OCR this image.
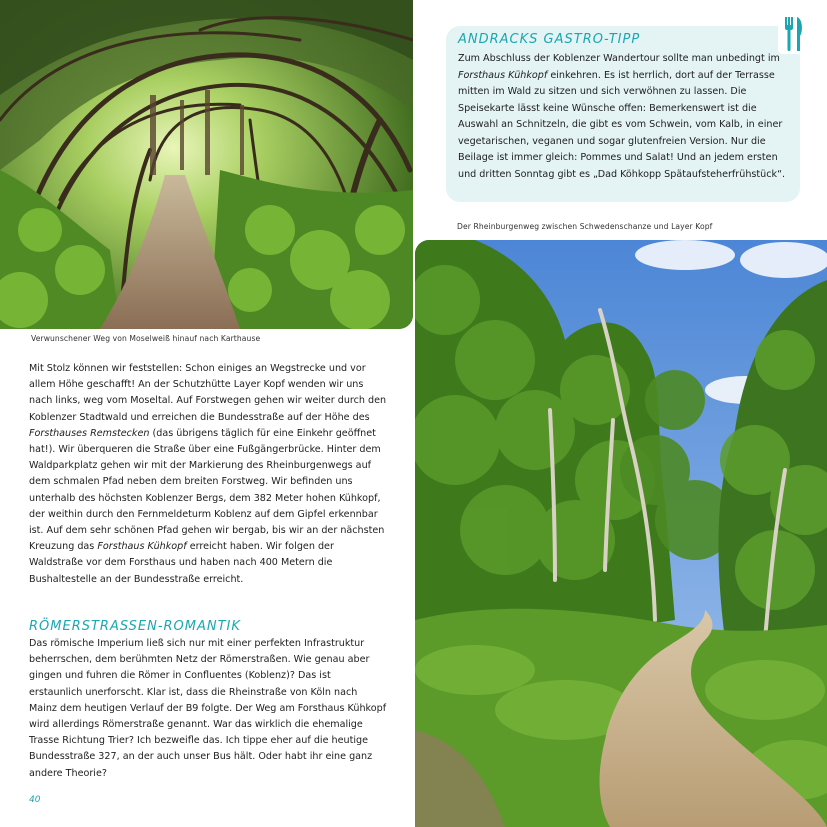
Verwunschener Weg von Moselweiß hinauf nach Karthause
ANDRACKS GASTRO-TIPP
Zum Abschluss der Koblenzer Wandertour sollte man unbedingt im Forsthaus Kühkopf einkehren. Es ist herrlich, dort auf der Terrasse mitten im Wald zu sitzen und sich verwöhnen zu lassen. Die Speisekarte lässt keine Wünsche offen: Bemerkenswert ist die Auswahl an Schnitzeln, die gibt es vom Schwein, vom Kalb, in einer vegetarischen, veganen und sogar glutenfreien Version. Nur die Beilage ist immer gleich: Pommes und Salat! Und an jedem ersten und dritten Sonntag gibt es „Dad Köhkopp Spätaufsteherfrühstück“.
Der Rheinburgenweg zwischen Schwedenschanze und Layer Kopf
Mit Stolz können wir feststellen: Schon einiges an Wegstrecke und vor allem Höhe geschafft! An der Schutzhütte Layer Kopf wenden wir uns nach links, weg vom Moseltal. Auf Forstwegen gehen wir weiter durch den Koblenzer Stadtwald und erreichen die Bundesstraße auf der Höhe des Forsthauses Remstecken (das übrigens täglich für eine Einkehr geöffnet hat!). Wir überqueren die Straße über eine Fußgängerbrücke. Hinter dem Waldparkplatz gehen wir mit der Markierung des Rheinburgenwegs auf dem schmalen Pfad neben dem breiten Forstweg. Wir befinden uns unterhalb des höchsten Koblenzer Bergs, dem 382 Meter hohen Kühkopf, der weithin durch den Fernmeldeturm Koblenz auf dem Gipfel erkennbar ist. Auf dem sehr schönen Pfad gehen wir bergab, bis wir an der nächsten Kreuzung das Forsthaus Kühkopf erreicht haben. Wir folgen der Waldstraße vor dem Forsthaus und haben nach 400 Metern die Bushaltestelle an der Bundesstraße erreicht.
RÖMERSTRASSEN-ROMANTIK
Das römische Imperium ließ sich nur mit einer perfekten Infrastruktur beherrschen, dem berühmten Netz der Römerstraßen. Wie genau aber gingen und fuhren die Römer in Confluentes (Koblenz)? Das ist erstaunlich unerforscht. Klar ist, dass die Rheinstraße von Köln nach Mainz dem heutigen Verlauf der B9 folgte. Der Weg am Forsthaus Kühkopf wird allerdings Römerstraße genannt. War das wirklich die ehemalige Trasse Richtung Trier? Ich bezweifle das. Ich tippe eher auf die heutige Bundesstraße 327, an der auch unser Bus hält. Oder habt ihr eine ganz andere Theorie?
40
